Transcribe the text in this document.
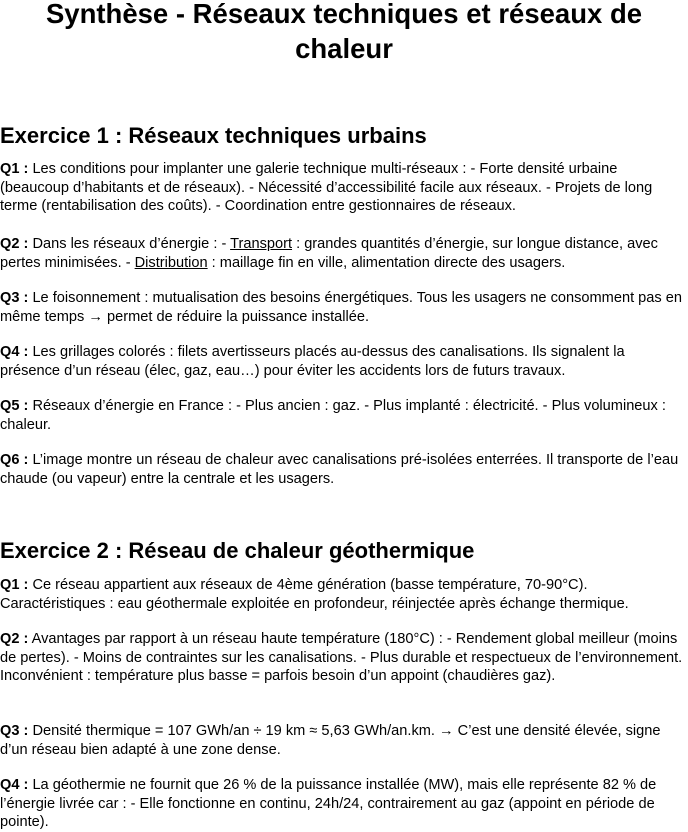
Synthèse - Réseaux techniques et réseaux de chaleur
Exercice 1 : Réseaux techniques urbains

Q1 : Les conditions pour implanter une galerie technique multi-réseaux : - Forte densité urbaine (beaucoup d’habitants et de réseaux). - Nécessité d’accessibilité facile aux réseaux. - Projets de long terme (rentabilisation des coûts). - Coordination entre gestionnaires de réseaux.

Q2 : Dans les réseaux d’énergie : - Transport : grandes quantités d’énergie, sur longue distance, avec pertes minimisées. - Distribution : maillage fin en ville, alimentation directe des usagers.

Q3 : Le foisonnement : mutualisation des besoins énergétiques. Tous les usagers ne consomment pas en même temps → permet de réduire la puissance installée.

Q4 : Les grillages colorés : filets avertisseurs placés au-dessus des canalisations. Ils signalent la présence d’un réseau (élec, gaz, eau…) pour éviter les accidents lors de futurs travaux.

Q5 : Réseaux d’énergie en France : - Plus ancien : gaz. - Plus implanté : électricité. - Plus volumineux : chaleur.

Q6 : L’image montre un réseau de chaleur avec canalisations pré-isolées enterrées. Il transporte de l’eau chaude (ou vapeur) entre la centrale et les usagers.

Exercice 2 : Réseau de chaleur géothermique

Q1 : Ce réseau appartient aux réseaux de 4ème génération (basse température, 70-90°C). Caractéristiques : eau géothermale exploitée en profondeur, réinjectée après échange thermique.

Q2 : Avantages par rapport à un réseau haute température (180°C) : - Rendement global meilleur (moins de pertes). - Moins de contraintes sur les canalisations. - Plus durable et respectueux de l’environnement. Inconvénient : température plus basse = parfois besoin d’un appoint (chaudières gaz).

Q3 : Densité thermique = 107 GWh/an ÷ 19 km ≈ 5,63 GWh/an.km. → C’est une densité élevée, signe d’un réseau bien adapté à une zone dense.

Q4 : La géothermie ne fournit que 26 % de la puissance installée (MW), mais elle représente 82 % de l’énergie livrée car : - Elle fonctionne en continu, 24h/24, contrairement au gaz (appoint en période de pointe).
